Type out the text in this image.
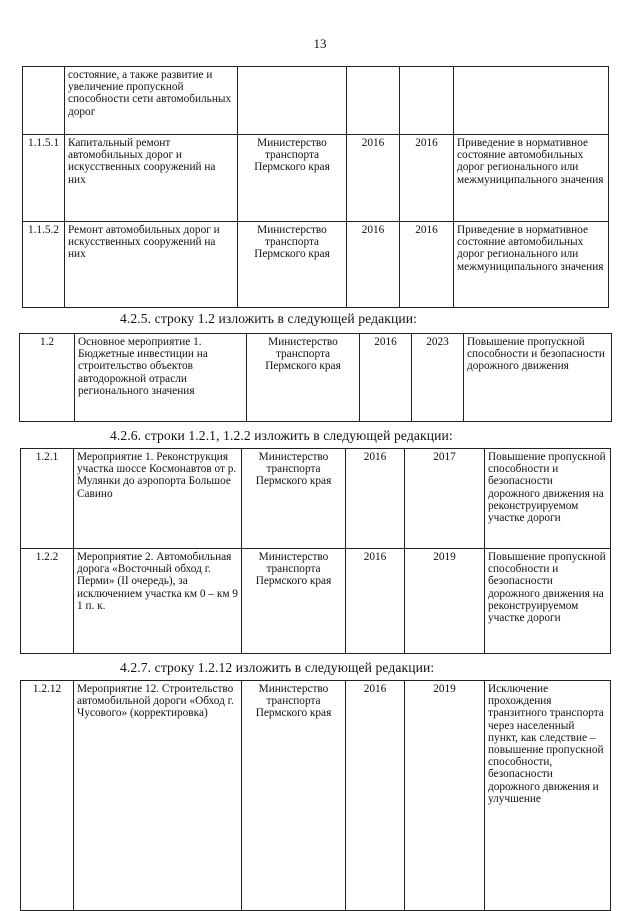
13
	состояние, а также развитие и увеличение пропускной способности сети автомобильных дорог				
1.1.5.1	Капитальный ремонт автомобильных дорог и искусственных сооружений на них	Министерство транспорта Пермского края	2016	2016	Приведение в нормативное состояние автомобильных дорог регионального или межмуниципального значения
1.1.5.2	Ремонт автомобильных дорог и искусственных сооружений на них	Министерство транспорта Пермского края	2016	2016	Приведение в нормативное состояние автомобильных дорог регионального или межмуниципального значения
4.2.5. строку 1.2 изложить в следующей редакции:
1.2	Основное мероприятие 1. Бюджетные инвестиции на строительство объектов автодорожной отрасли регионального значения	Министерство транспорта Пермского края	2016	2023	Повышение пропускной способности и безопасности дорожного движения
4.2.6. строки 1.2.1, 1.2.2 изложить в следующей редакции:
1.2.1	Мероприятие 1. Реконструкция участка шоссе Космонавтов от р. Мулянки до аэропорта Большое Савино	Министерство транспорта Пермского края	2016	2017	Повышение пропускной способности и безопасности дорожного движения на реконструируемом участке дороги
1.2.2	Мероприятие 2. Автомобильная дорога «Восточный обход г. Перми» (II очередь), за исключением участка км 0 – км 9 1 п. к.	Министерство транспорта Пермского края	2016	2019	Повышение пропускной способности и безопасности дорожного движения на реконструируемом участке дороги
4.2.7. строку 1.2.12 изложить в следующей редакции:
1.2.12	Мероприятие 12. Строительство автомобильной дороги «Обход г. Чусового» (корректировка)	Министерство транспорта Пермского края	2016	2019	Исключение прохождения транзитного транспорта через населенный пункт, как следствие – повышение пропускной способности, безопасности дорожного движения и улучшение
